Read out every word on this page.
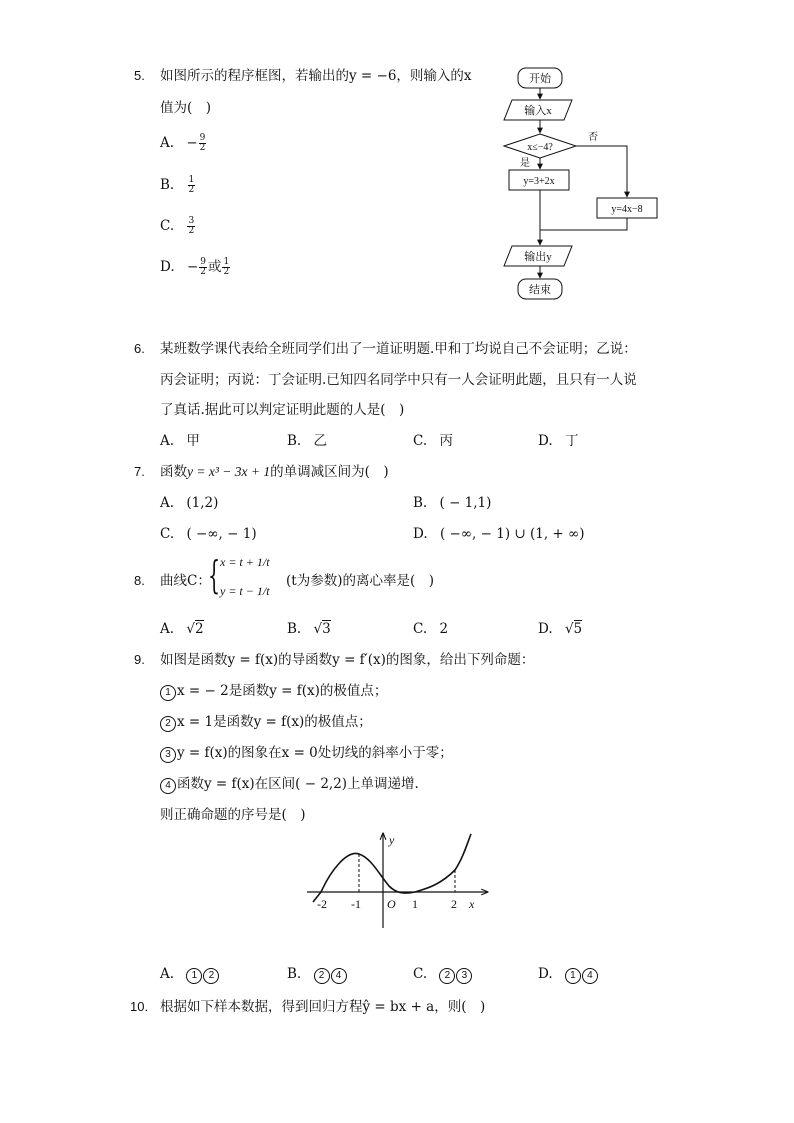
5. 如图所示的程序框图，若输出的y = −6，则输入的x
值为(　)
A. − $\frac{9}{2}$
B. $\frac{1}{2}$
C. $\frac{3}{2}$
D. − $\frac{9}{2}$ 或 $\frac{1}{2}$
开始
输入x
x≤−4?
否
是
y=3+2x
y=4x−8
输出y
结束
6. 某班数学课代表给全班同学们出了一道证明题.甲和丁均说自己不会证明；乙说：
丙会证明；丙说：丁会证明.已知四名同学中只有一人会证明此题，且只有一人说
了真话.据此可以判定证明此题的人是(　)
A. 甲	B. 乙	C. 丙	D. 丁
7. 函数y = x³ − 3x + 1的单调减区间为(　)
A. (1,2)	B. ( − 1,1)
C. ( −∞, − 1)	D. ( −∞, − 1) ∪ (1, + ∞)
8. 曲线C：
{ x = t + 1/t
y = t − 1/t
(t为参数)的离心率是(　)
A. √2	B. √3	C. 2	D. √5
9. 如图是函数y = f(x)的导函数y = f′(x)的图象，给出下列命题：
1 x = − 2是函数y = f(x)的极值点；
2 x = 1是函数y = f(x)的极值点；
3 y = f(x)的图象在x = 0处切线的斜率小于零；
4 函数y = f(x)在区间( − 2,2)上单调递增.
则正确命题的序号是(　)
y
x
O
-2 -1	1	2
A. 1 2	B. 2 4	C. 2 3	D. 1 4
10. 根据如下样本数据，得到回归方程ŷ = bx + a，则(　)
